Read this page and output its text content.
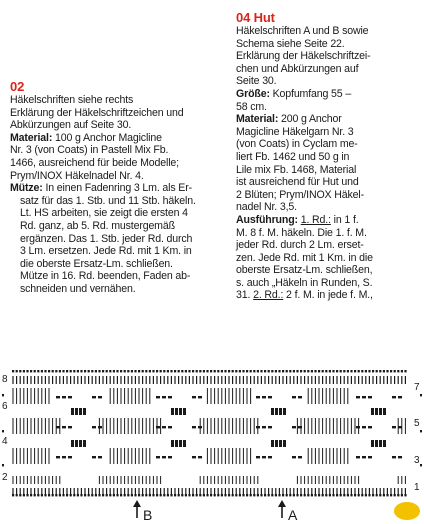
02

Häkelschriften siehe rechts

Erklärung der Häkelschriftzeichen und

Abkürzungen auf Seite 30.

Material: 100 g Anchor Magicline

Nr. 3 (von Coats) in Pastell Mix Fb.

1466, ausreichend für beide Modelle;

Prym/INOX Häkelnadel Nr. 4.

Mütze: In einen Fadenring 3 Lm. als Er-

satz für das 1. Stb. und 11 Stb. häkeln.

Lt. HS arbeiten, sie zeigt die ersten 4

Rd. ganz, ab 5. Rd. mustergemäß

ergänzen. Das 1. Stb. jeder Rd. durch

3 Lm. ersetzen. Jede Rd. mit 1 Km. in

die oberste Ersatz-Lm. schließen.

Mütze in 16. Rd. beenden, Faden ab-

schneiden und vernähen.

04 Hut

Häkelschriften A und B sowie

Schema siehe Seite 22.

Erklärung der Häkelschriftzei-

chen und Abkürzungen auf

Seite 30.

Größe: Kopfumfang 55 –

58 cm.

Material: 200 g Anchor

Magicline Häkelgarn Nr. 3

(von Coats) in Cyclam me-

liert Fb. 1462 und 50 g in

Lile mix Fb. 1468, Material

ist ausreichend für Hut und

2 Blüten; Prym/INOX Häkel-

nadel Nr. 3,5.

Ausführung: 1. Rd.: in 1 f.

M. 8 f. M. häkeln. Die 1. f. M.

jeder Rd. durch 2 Lm. erset-

zen. Jede Rd. mit 1 Km. in die

oberste Ersatz-Lm. schließen,

s. auch „Häkeln in Runden, S.

31. 2. Rd.: 2 f. M. in jede f. M.,

8
6
4
2
7
5
3
1
B	A
